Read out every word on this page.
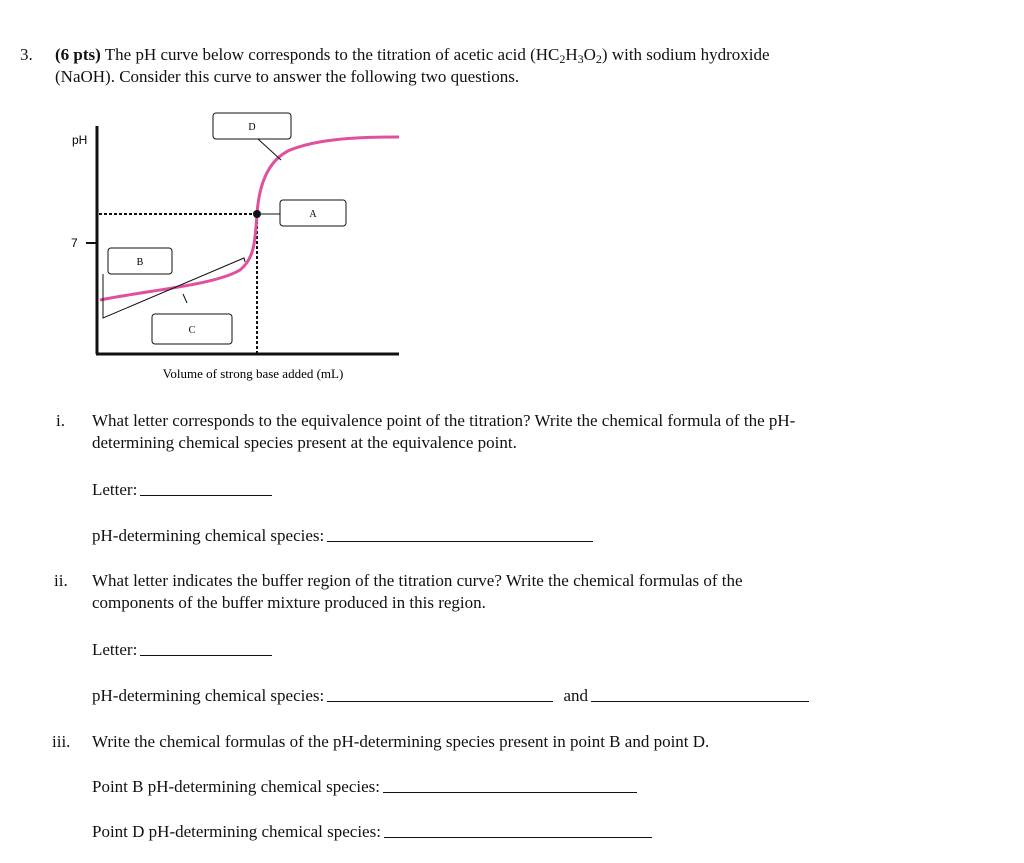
3. (6 pts) The pH curve below corresponds to the titration of acetic acid $(HC_2H_3O_2)$ with sodium hydroxide
(NaOH). Consider this curve to answer the following two questions.
pH
7
D
A
B
C
Volume of strong base added (mL)
i. What letter corresponds to the equivalence point of the titration? Write the chemical formula of the pH-
determining chemical species present at the equivalence point.
Letter:
pH-determining chemical species:
ii. What letter indicates the buffer region of the titration curve? Write the chemical formulas of the
components of the buffer mixture produced in this region.
Letter:
pH-determining chemical species:	and
iii. Write the chemical formulas of the pH-determining species present in point B and point D.
Point B pH-determining chemical species:
Point D pH-determining chemical species:
